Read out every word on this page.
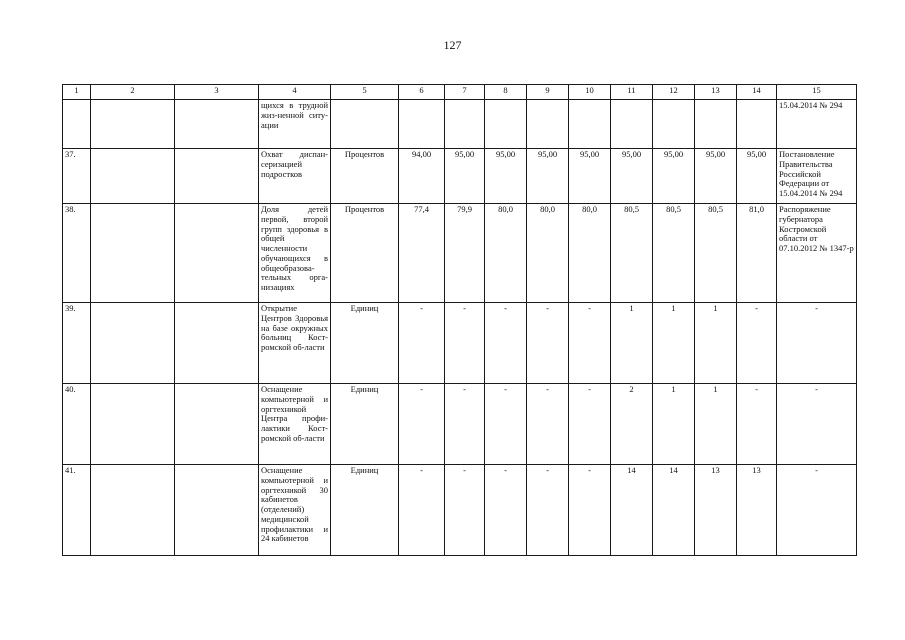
127
1	2	3	4	5	6	7	8	9	10	11	12	13	14	15
			щихся в трудной жиз-ненной ситу-ации											15.04.2014 № 294
37.			Охват диспан-серизацией подростков	Процентов	94,00	95,00	95,00	95,00	95,00	95,00	95,00	95,00	95,00	Постановление Правительства Российской Федерации от 15.04.2014 № 294
38.			Доля детей первой, второй групп здоровья в общей численности обучающихся в общеобразова-тельных орга-низациях	Процентов	77,4	79,9	80,0	80,0	80,0	80,5	80,5	80,5	81,0	Распоряжение губернатора Костромской области от 07.10.2012 № 1347-р
39.			Открытие Центров Здоровья на базе окружных больниц Кост-ромской об-ласти	Единиц	-	-	-	-	-	1	1	1	-	-
40.			Оснащение компьютерной и оргтехникой Центра профи-лактики Кост-ромской об-ласти	Единиц	-	-	-	-	-	2	1	1	-	-
41.			Оснащение компьютерной и оргтехникой 30 кабинетов (отделений) медицинской профилактики и 24 кабинетов	Единиц	-	-	-	-	-	14	14	13	13	-
